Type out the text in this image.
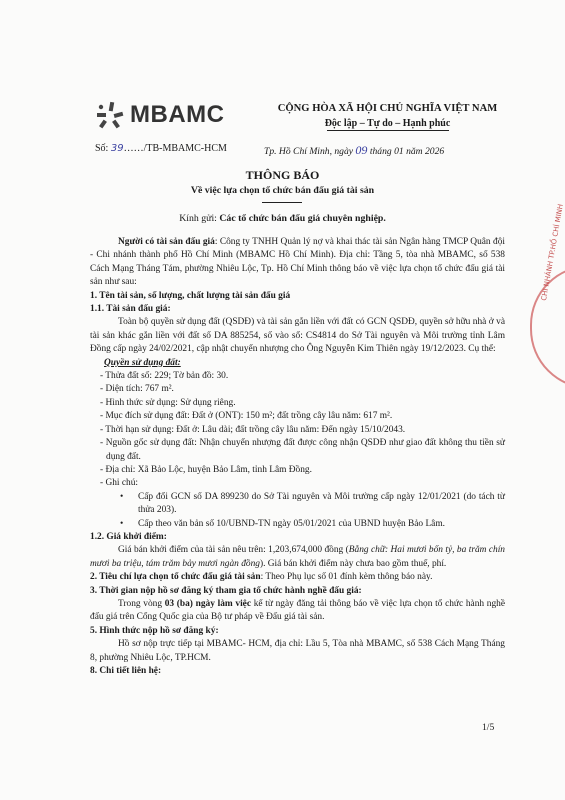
MBAMC	CỘNG HÒA XÃ HỘI CHỦ NGHĨA VIỆT NAM
Độc lập – Tự do – Hạnh phúc
Số: 39……/TB-MBAMC-HCM	Tp. Hồ Chí Minh, ngày 09 tháng 01 năm 2026
THÔNG BÁO
Về việc lựa chọn tổ chức bán đấu giá tài sản
Kính gửi: Các tổ chức bán đấu giá chuyên nghiệp.

Người có tài sản đấu giá: Công ty TNHH Quản lý nợ và khai thác tài sản Ngân hàng TMCP Quân đội - Chi nhánh thành phố Hồ Chí Minh (MBAMC Hồ Chí Minh). Địa chỉ: Tầng 5, tòa nhà MBAMC, số 538 Cách Mạng Tháng Tám, phường Nhiêu Lộc, Tp. Hồ Chí Minh thông báo về việc lựa chọn tổ chức đấu giá tài sản như sau:

1. Tên tài sản, số lượng, chất lượng tài sản đấu giá

1.1. Tài sản đấu giá:

Toàn bộ quyền sử dụng đất (QSDĐ) và tài sản gắn liền với đất có GCN QSDĐ, quyền sở hữu nhà ở và tài sản khác gắn liền với đất số DA 885254, số vào sổ: CS4814 do Sở Tài nguyên và Môi trường tỉnh Lâm Đồng cấp ngày 24/02/2021, cập nhật chuyển nhượng cho Ông Nguyễn Kim Thiên ngày 19/12/2023. Cụ thể:

Quyền sử dụng đất:

- Thửa đất số: 229; Tờ bản đồ: 30.

- Diện tích: 767 m².

- Hình thức sử dụng: Sử dụng riêng.

- Mục đích sử dụng đất: Đất ở (ONT): 150 m²; đất trồng cây lâu năm: 617 m².

- Thời hạn sử dụng: Đất ở: Lâu dài; đất trồng cây lâu năm: Đến ngày 15/10/2043.

- Nguồn gốc sử dụng đất: Nhận chuyển nhượng đất được công nhận QSDĐ như giao đất không thu tiền sử dụng đất.

- Địa chỉ: Xã Bảo Lộc, huyện Bảo Lâm, tỉnh Lâm Đồng.

- Ghi chú:

• Cấp đổi GCN số DA 899230 do Sở Tài nguyên và Môi trường cấp ngày 12/01/2021 (do tách từ thửa 203).

• Cấp theo văn bản số 10/UBND-TN ngày 05/01/2021 của UBND huyện Bảo Lâm.

1.2. Giá khởi điểm:

Giá bán khởi điểm của tài sản nêu trên: 1,203,674,000 đồng (Bằng chữ: Hai mươi bốn tỷ, ba trăm chín mươi ba triệu, tám trăm bảy mươi ngàn đồng). Giá bán khởi điểm này chưa bao gồm thuế, phí.

2. Tiêu chí lựa chọn tổ chức đấu giá tài sản: Theo Phụ lục số 01 đính kèm thông báo này.

3. Thời gian nộp hồ sơ đăng ký tham gia tổ chức hành nghề đấu giá:

Trong vòng 03 (ba) ngày làm việc kể từ ngày đăng tải thông báo về việc lựa chọn tổ chức hành nghề đấu giá trên Cổng Quốc gia của Bộ tư pháp về Đấu giá tài sản.

5. Hình thức nộp hồ sơ đăng ký:

Hồ sơ nộp trực tiếp tại MBAMC- HCM, địa chỉ: Lầu 5, Tòa nhà MBAMC, số 538 Cách Mạng Tháng 8, phường Nhiêu Lộc, TP.HCM.

8. Chi tiết liên hệ:

CHI NHÁNH TP.HỒ CHÍ MINH
1/5
